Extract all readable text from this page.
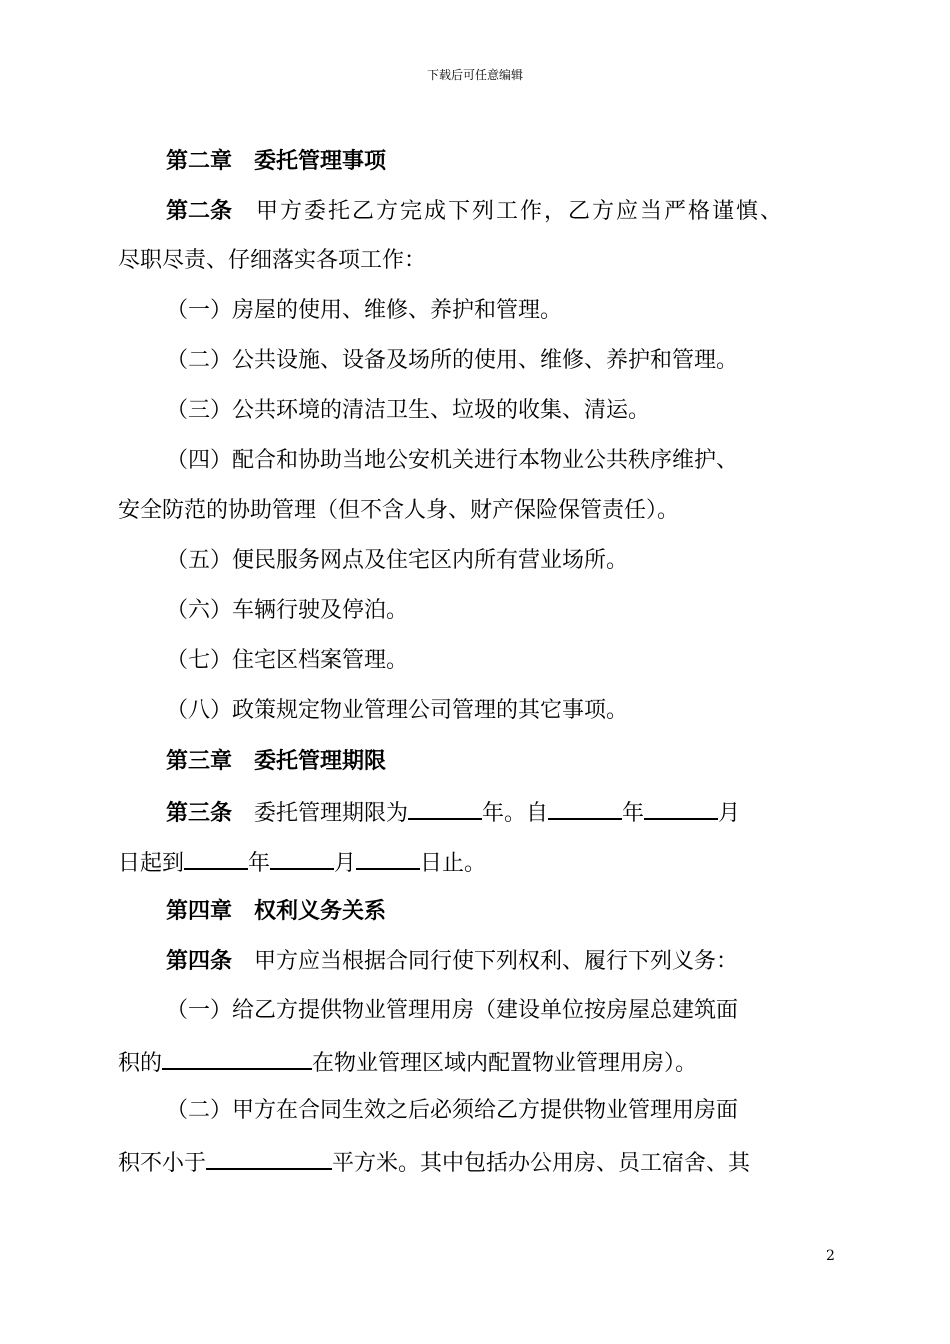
下载后可任意编辑
第二章　委托管理事项
第二条　甲方委托乙方完成下列工作，乙方应当严格谨慎、
尽职尽责、仔细落实各项工作：
（一）房屋的使用、维修、养护和管理。
（二）公共设施、设备及场所的使用、维修、养护和管理。
（三）公共环境的清洁卫生、垃圾的收集、清运。
（四）配合和协助当地公安机关进行本物业公共秩序维护、
安全防范的协助管理（但不含人身、财产保险保管责任）。
（五）便民服务网点及住宅区内所有营业场所。
（六）车辆行驶及停泊。
（七）住宅区档案管理。
（八）政策规定物业管理公司管理的其它事项。
第三章　委托管理期限
第三条　委托管理期限为	年。自	年	月
日起到	年	月	日止。
第四章　权利义务关系
第四条　甲方应当根据合同行使下列权利、履行下列义务：
（一）给乙方提供物业管理用房（建设单位按房屋总建筑面
积的	在物业管理区域内配置物业管理用房）。
（二）甲方在合同生效之后必须给乙方提供物业管理用房面
积不小于	平方米。其中包括办公用房、员工宿舍、其
2
